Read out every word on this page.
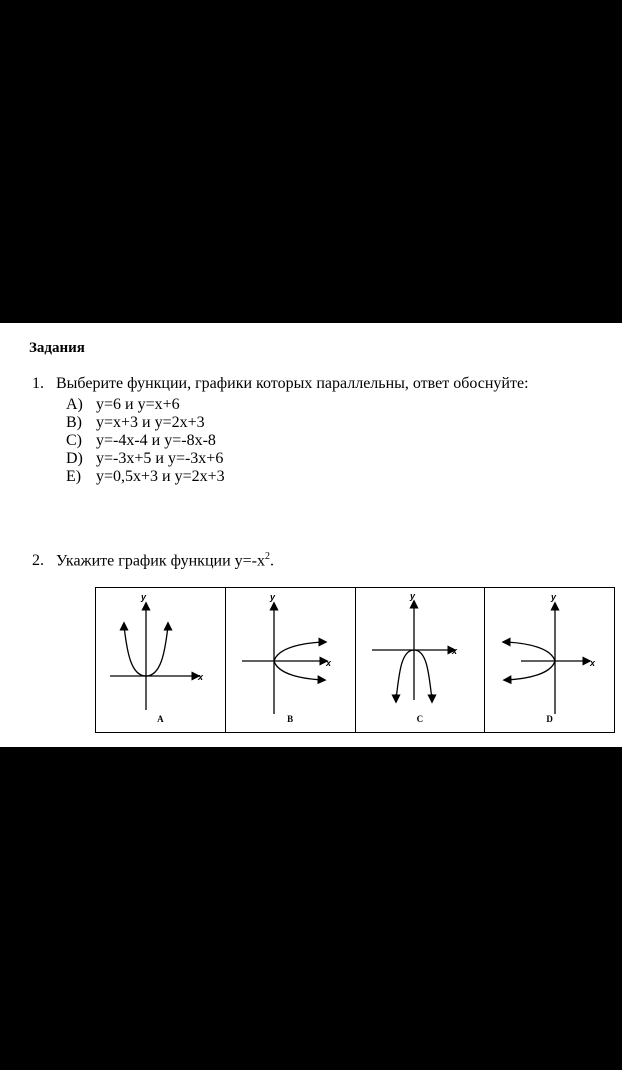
Задания
1. Выберите функции, графики которых параллельны, ответ обоснуйте:
A) y=6 и y=x+6
B) y=x+3 и y=2x+3
C) y=-4x-4 и y=-8x-8
D) y=-3x+5 и y=-3x+6
E) y=0,5x+3 и y=2x+3
2. Укажите график функции $y=-x^2$.
y
x
A
y
x
B
y
x
C
y
x
D
